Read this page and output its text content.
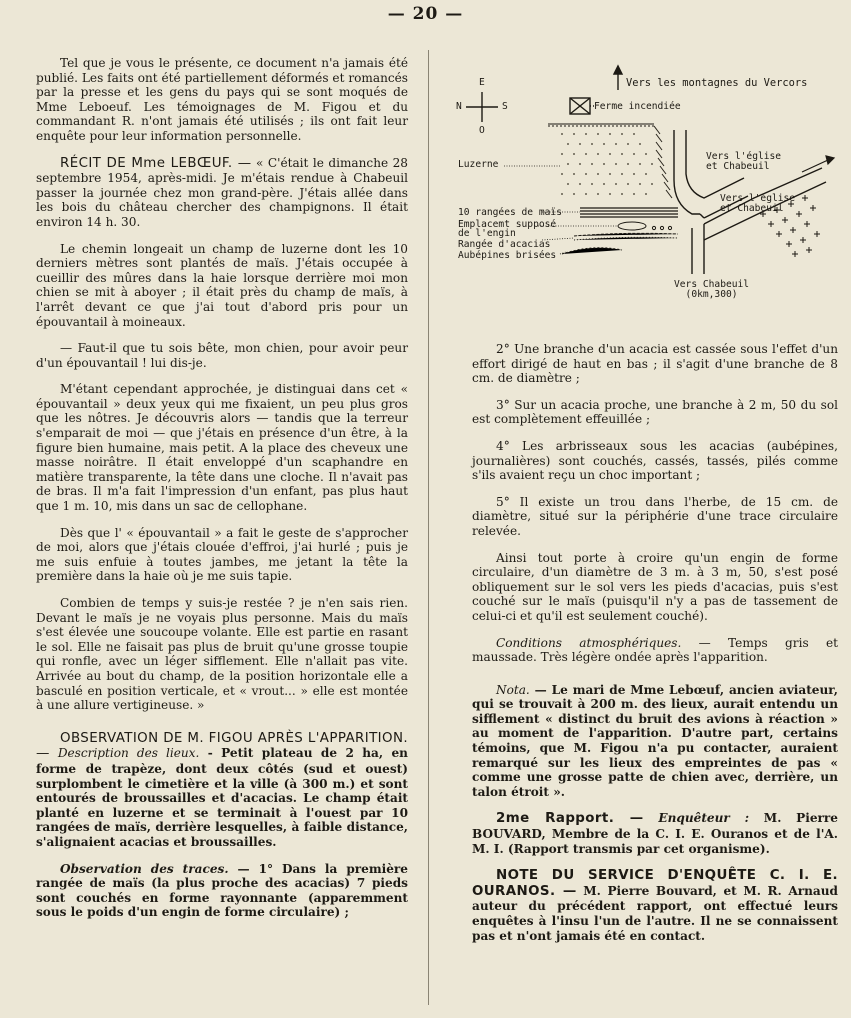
— 20 —

Tel que je vous le présente, ce document n'a jamais été publié. Les faits ont été partiellement déformés et romancés par la presse et les gens du pays qui se sont moqués de Mme Leboeuf. Les témoignages de M. Figou et du commandant R. n'ont jamais été utilisés ; ils ont fait leur enquête pour leur information personnelle.

RÉCIT DE Mme LEBŒUF. — « C'était le dimanche 28 septembre 1954, après-midi. Je m'étais rendue à Chabeuil passer la journée chez mon grand-père. J'étais allée dans les bois du château chercher des champignons. Il était environ 14 h. 30.

Le chemin longeait un champ de luzerne dont les 10 derniers mètres sont plantés de maïs. J'étais occupée à cueillir des mûres dans la haie lorsque derrière moi mon chien se mit à aboyer ; il était près du champ de maïs, à l'arrêt devant ce que j'ai tout d'abord pris pour un épouvantail à moineaux.

— Faut-il que tu sois bête, mon chien, pour avoir peur d'un épouvantail ! lui dis-je.

M'étant cependant approchée, je distinguai dans cet « épouvantail » deux yeux qui me fixaient, un peu plus gros que les nôtres. Je découvris alors — tandis que la terreur s'emparait de moi — que j'étais en présence d'un être, à la figure bien humaine, mais petit. A la place des cheveux une masse noirâtre. Il était enveloppé d'un scaphandre en matière transparente, la tête dans une cloche. Il n'avait pas de bras. Il m'a fait l'impression d'un enfant, pas plus haut que 1 m. 10, mis dans un sac de cellophane.

Dès que l' « épouvantail » a fait le geste de s'approcher de moi, alors que j'étais clouée d'effroi, j'ai hurlé ; puis je me suis enfuie à toutes jambes, me jetant la tête la première dans la haie où je me suis tapie.

Combien de temps y suis-je restée ? je n'en sais rien. Devant le maïs je ne voyais plus personne. Mais du maïs s'est élevée une soucoupe volante. Elle est partie en rasant le sol. Elle ne faisait pas plus de bruit qu'une grosse toupie qui ronfle, avec un léger sifflement. Elle n'allait pas vite. Arrivée au bout du champ, de la position horizontale elle a basculé en position verticale, et « vrout... » elle est montée à une allure vertigineuse. »

OBSERVATION DE M. FIGOU APRÈS L'APPARITION. — Description des lieux. - Petit plateau de 2 ha, en forme de trapèze, dont deux côtés (sud et ouest) surplombent le cimetière et la ville (à 300 m.) et sont entourés de broussailles et d'acacias. Le champ était planté en luzerne et se terminait à l'ouest par 10 rangées de maïs, derrière lesquelles, à faible distance, s'alignaient acacias et broussailles.

Observation des traces. — 1° Dans la première rangée de maïs (la plus proche des acacias) 7 pieds sont couchés en forme rayonnante (apparemment sous le poids d'un engin de forme circulaire) ;

E
N	S
O
Vers les montagnes du Vercors
Ferme incendiée
Luzerne
Vers l'église
et Chabeuil
Vers l'église
et Chabeuil
10 rangées de maïs
Emplacemt supposé
de l'engin
Rangée d'acacias
Aubépines brisées
Vers Chabeuil
(0km,300)

2° Une branche d'un acacia est cassée sous l'effet d'un effort dirigé de haut en bas ; il s'agit d'une branche de 8 cm. de diamètre ;

3° Sur un acacia proche, une branche à 2 m, 50 du sol est complètement effeuillée ;

4° Les arbrisseaux sous les acacias (aubépines, journalières) sont couchés, cassés, tassés, pilés comme s'ils avaient reçu un choc important ;

5° Il existe un trou dans l'herbe, de 15 cm. de diamètre, situé sur la périphérie d'une trace circulaire relevée.

Ainsi tout porte à croire qu'un engin de forme circulaire, d'un diamètre de 3 m. à 3 m, 50, s'est posé obliquement sur le sol vers les pieds d'acacias, puis s'est couché sur le maïs (puisqu'il n'y a pas de tassement de celui-ci et qu'il est seulement couché).

Conditions atmosphériques. — Temps gris et maussade. Très légère ondée après l'apparition.

Nota. — Le mari de Mme Lebœuf, ancien aviateur, qui se trouvait à 200 m. des lieux, aurait entendu un sifflement « distinct du bruit des avions à réaction » au moment de l'apparition. D'autre part, certains témoins, que M. Figou n'a pu contacter, auraient remarqué sur les lieux des empreintes de pas « comme une grosse patte de chien avec, derrière, un talon étroit ».

2me Rapport. — Enquêteur : M. Pierre BOUVARD, Membre de la C. I. E. Ouranos et de l'A. M. I. (Rapport transmis par cet organisme).

NOTE DU SERVICE D'ENQUÊTE C. I. E. OURANOS. — M. Pierre Bouvard, et M. R. Arnaud auteur du précédent rapport, ont effectué leurs enquêtes à l'insu l'un de l'autre. Il ne se connaissent pas et n'ont jamais été en contact.
